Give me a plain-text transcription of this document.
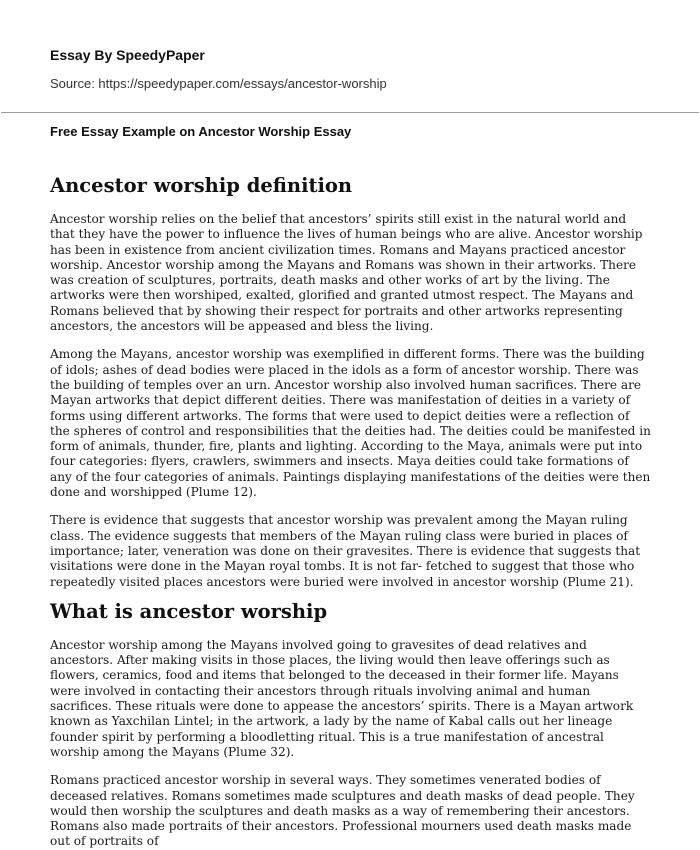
Essay By SpeedyPaper
Source: https://speedypaper.com/essays/ancestor-worship
Free Essay Example on Ancestor Worship Essay
Ancestor worship definition

Ancestor worship relies on the belief that ancestors’ spirits still exist in the natural world and that they have the power to influence the lives of human beings who are alive. Ancestor worship has been in existence from ancient civilization times. Romans and Mayans practiced ancestor worship. Ancestor worship among the Mayans and Romans was shown in their artworks. There was creation of sculptures, portraits, death masks and other works of art by the living. The artworks were then worshiped, exalted, glorified and granted utmost respect. The Mayans and Romans believed that by showing their respect for portraits and other artworks representing ancestors, the ancestors will be appeased and bless the living.

Among the Mayans, ancestor worship was exemplified in different forms. There was the building of idols; ashes of dead bodies were placed in the idols as a form of ancestor worship. There was the building of temples over an urn. Ancestor worship also involved human sacrifices. There are Mayan artworks that depict different deities. There was manifestation of deities in a variety of forms using different artworks. The forms that were used to depict deities were a reflection of the spheres of control and responsibilities that the deities had. The deities could be manifested in form of animals, thunder, fire, plants and lighting. According to the Maya, animals were put into four categories: flyers, crawlers, swimmers and insects. Maya deities could take formations of any of the four categories of animals. Paintings displaying manifestations of the deities were then done and worshipped (Plume 12).

There is evidence that suggests that ancestor worship was prevalent among the Mayan ruling class. The evidence suggests that members of the Mayan ruling class were buried in places of importance; later, veneration was done on their gravesites. There is evidence that suggests that visitations were done in the Mayan royal tombs. It is not far- fetched to suggest that those who repeatedly visited places ancestors were buried were involved in ancestor worship (Plume 21).

What is ancestor worship

Ancestor worship among the Mayans involved going to gravesites of dead relatives and ancestors. After making visits in those places, the living would then leave offerings such as flowers, ceramics, food and items that belonged to the deceased in their former life. Mayans were involved in contacting their ancestors through rituals involving animal and human sacrifices. These rituals were done to appease the ancestors’ spirits. There is a Mayan artwork known as Yaxchilan Lintel; in the artwork, a lady by the name of Kabal calls out her lineage founder spirit by performing a bloodletting ritual. This is a true manifestation of ancestral worship among the Mayans (Plume 32).

Romans practiced ancestor worship in several ways. They sometimes venerated bodies of deceased relatives. Romans sometimes made sculptures and death masks of dead people. They would then worship the sculptures and death masks as a way of remembering their ancestors. Romans also made portraits of their ancestors. Professional mourners used death masks made out of portraits of
